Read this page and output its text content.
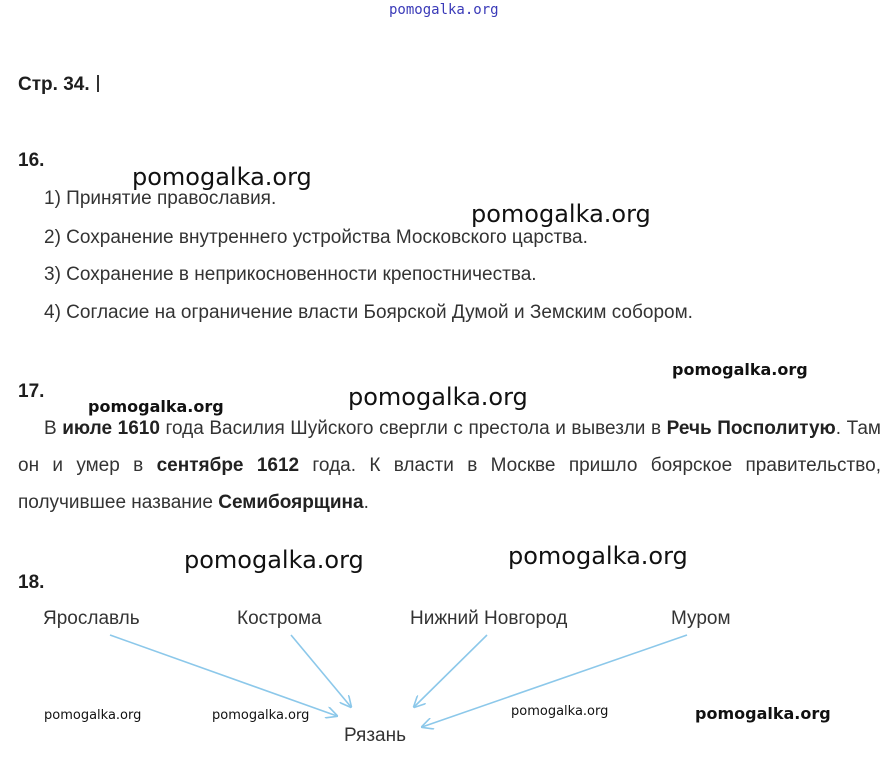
pomogalka.org
Стр. 34.
16.
1) Принятие православия.
2) Сохранение внутреннего устройства Московского царства.
3) Сохранение в неприкосновенности крепостничества.
4) Согласие на ограничение власти Боярской Думой и Земским собором.
17.
В июле 1610 года Василия Шуйского свергли с престола и вывезли в Речь Посполитую. Там он и умер в сентябре 1612 года. К власти в Москве пришло боярское правительство, получившее название Семибоярщина.
18.
Ярославль	Кострома	Нижний Новгород	Муром
Рязань
pomogalka.org
pomogalka.org
pomogalka.org
pomogalka.org
pomogalka.org
pomogalka.org	pomogalka.org
pomogalka.org	pomogalka.org	pomogalka.org	pomogalka.org
